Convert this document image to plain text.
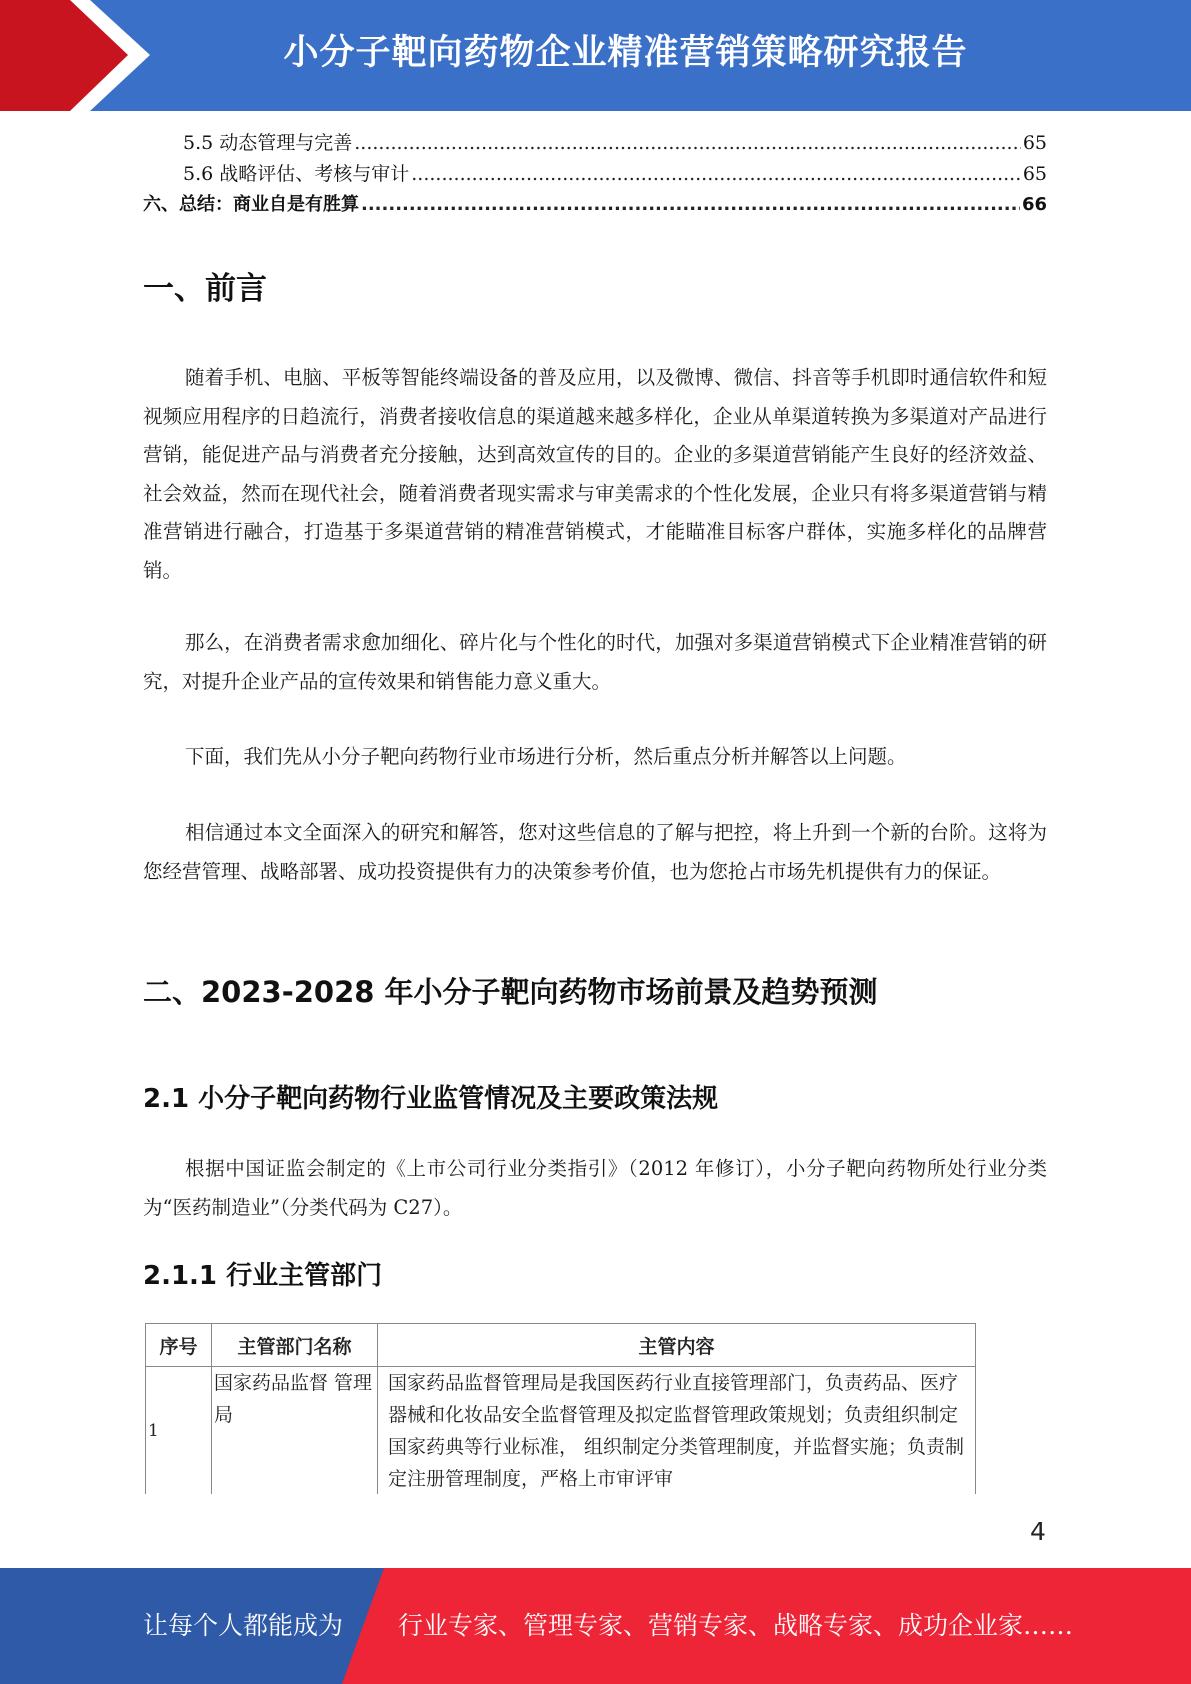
小分子靶向药物企业精准营销策略研究报告
5.5 动态管理与完善 .....	65
5.6 战略评估、考核与审计 .....	65
六、总结：商业自是有胜算 .....	66
一、前言

随着手机、电脑、平板等智能终端设备的普及应用，以及微博、微信、抖音等手机即时通信软件和短视频应用程序的日趋流行，消费者接收信息的渠道越来越多样化，企业从单渠道转换为多渠道对产品进行营销，能促进产品与消费者充分接触，达到高效宣传的目的。企业的多渠道营销能产生良好的经济效益、社会效益，然而在现代社会，随着消费者现实需求与审美需求的个性化发展，企业只有将多渠道营销与精准营销进行融合，打造基于多渠道营销的精准营销模式，才能瞄准目标客户群体，实施多样化的品牌营销。

那么，在消费者需求愈加细化、碎片化与个性化的时代，加强对多渠道营销模式下企业精准营销的研究，对提升企业产品的宣传效果和销售能力意义重大。

下面，我们先从小分子靶向药物行业市场进行分析，然后重点分析并解答以上问题。

相信通过本文全面深入的研究和解答，您对这些信息的了解与把控，将上升到一个新的台阶。这将为您经营管理、战略部署、成功投资提供有力的决策参考价值，也为您抢占市场先机提供有力的保证。

二、2023-2028 年小分子靶向药物市场前景及趋势预测
2.1 小分子靶向药物行业监管情况及主要政策法规

根据中国证监会制定的《上市公司行业分类指引》（2012 年修订），小分子靶向药物所处行业分类为“医药制造业”（分类代码为 C27）。

2.1.1 行业主管部门
序号	主管部门名称	主管内容
1	国家药品监督 管理局	国家药品监督管理局是我国医药行业直接管理部门，负责药品、医疗器械和化妆品安全监督管理及拟定监督管理政策规划；负责组织制定国家药典等行业标准， 组织制定分类管理制度，并监督实施；负责制定注册管理制度，严格上市审评审
4
让每个人都能成为 行业专家、管理专家、营销专家、战略专家、成功企业家……
